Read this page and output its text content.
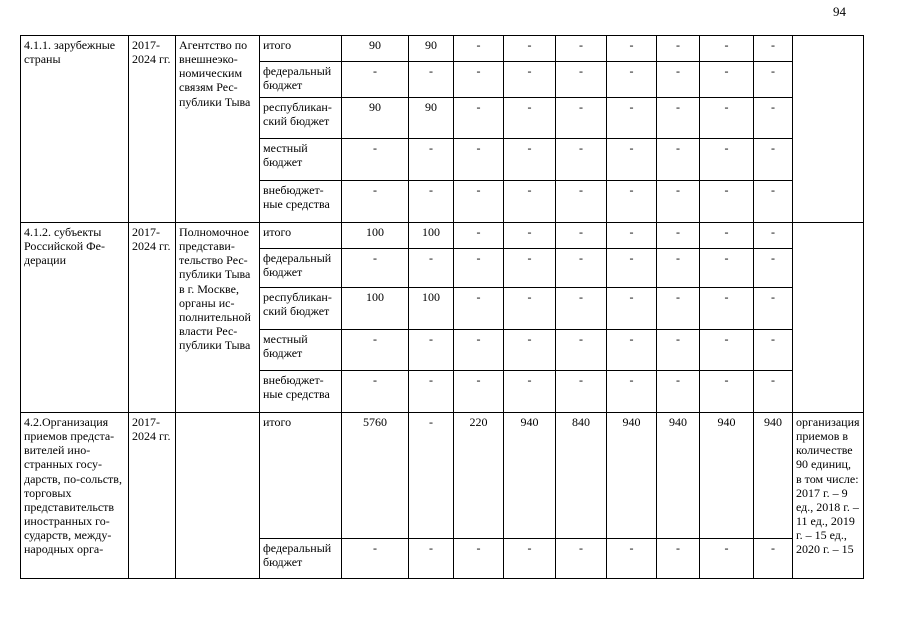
94
4.1.1. зарубежные страны	2017-2024 гг.	Агентство по внешнеэко-номическим связям Рес-публики Тыва	итого	90	90	-	-	-	-	-	-	-	
			федеральный бюджет	-	-	-	-	-	-	-	-	-	
			республикан-ский бюджет	90	90	-	-	-	-	-	-	-	
			местный бюджет	-	-	-	-	-	-	-	-	-	
			внебюджет-ные средства	-	-	-	-	-	-	-	-	-	
4.1.2. субъекты Российской Фе-дерации	2017-2024 гг.	Полномочное представи-тельство Рес-публики Тыва в г. Москве, органы ис-полнительной власти Рес-публики Тыва	итого	100	100	-	-	-	-	-	-	-	
			федеральный бюджет	-	-	-	-	-	-	-	-	-	
			республикан-ский бюджет	100	100	-	-	-	-	-	-	-	
			местный бюджет	-	-	-	-	-	-	-	-	-	
			внебюджет-ные средства	-	-	-	-	-	-	-	-	-	
4.2.Организация приемов предста-вителей ино-странных госу-дарств, по-сольств, торговых представительств иностранных го-сударств, между-народных орга-	2017-2024 гг.		итого	5760	-	220	940	840	940	940	940	940	организация приемов в количестве 90 единиц, в том числе: 2017 г. – 9 ед., 2018 г. – 11 ед., 2019 г. – 15 ед., 2020 г. – 15
			федеральный бюджет	-	-	-	-	-	-	-	-	-	
